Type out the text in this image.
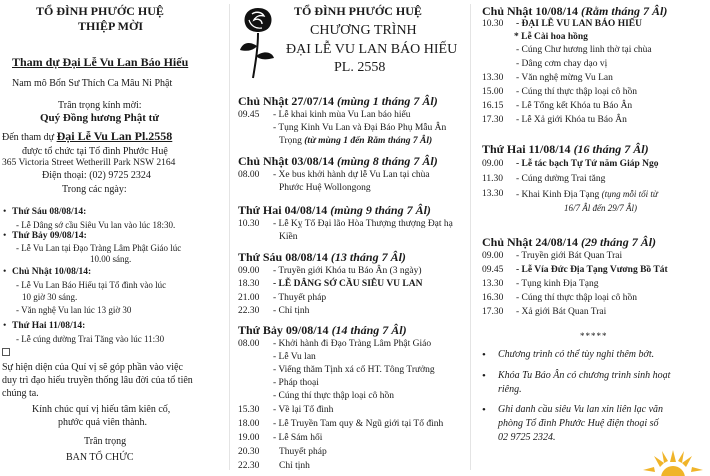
TỔ ĐÌNH PHƯỚC HUỆ
THIỆP MỜI
Tham dự Đại Lễ Vu Lan Báo Hiếu
Nam mô Bổn Sư Thích Ca Mâu Ni Phật
Trân trọng kính mời:
Quý Đồng hương Phật tử
Đến tham dự Đại Lễ Vu Lan Pl.2558
được tổ chức tại Tổ đình Phước Huệ
365 Victoria Street Wetherill Park NSW 2164
Điện thoại: (02) 9725 2324
Trong các ngày:
• Thứ Sáu 08/08/14:
- Lễ Dâng sớ cầu Siêu Vu lan vào lúc 18:30.
• Thứ Bảy 09/08/14:
- Lễ Vu Lan tại Đạo Tràng Lâm Phật Giáo lúc
10.00 sáng.
• Chủ Nhật 10/08/14:
- Lễ Vu Lan Báo Hiếu tại Tổ đình vào lúc
10 giờ 30 sáng.
- Văn nghệ Vu lan lúc 13 giờ 30
• Thứ Hai 11/08/14:
- Lễ cúng dường Trai Tăng vào lúc 11:30
Sự hiện diện của Quí vị sẽ góp phần vào việc
duy trì đạo hiếu truyền thống lâu đời của tổ tiên
chúng ta.
Kính chúc quí vị hiếu tâm kiên cố,
phước quả viên thành.
Trân trọng
BAN TỔ CHỨC
TỔ ĐÌNH PHƯỚC HUỆ
CHƯƠNG TRÌNH
ĐẠI LỄ VU LAN BÁO HIẾU
PL. 2558
Chủ Nhật 27/07/14 (mùng 1 tháng 7 Âl)
09.45 - Lễ khai kinh mùa Vu Lan báo hiếu
- Tụng Kinh Vu Lan và Đại Báo Phụ Mẫu Ân
Trọng (từ mùng 1 đến Rằm tháng 7 Âl)
Chủ Nhật 03/08/14 (mùng 8 tháng 7 Âl)
08.00 - Xe bus khởi hành dự lễ Vu Lan tại chùa
Phước Huệ Wollongong
Thứ Hai 04/08/14 (mùng 9 tháng 7 Âl)
10.30 - Lễ Kỵ Tổ Đại lão Hòa Thượng thượng Đạt hạ
Kiền
Thứ Sáu 08/08/14 (13 tháng 7 Âl)
09.00 - Truyền giới Khóa tu Báo Ân (3 ngày)
18.30 - LỄ DÂNG SỚ CẦU SIÊU VU LAN
21.00 - Thuyết pháp
22.30 - Chỉ tịnh
Thứ Bảy 09/08/14 (14 tháng 7 Âl)
08.00 - Khởi hành đi Đạo Tràng Lâm Phật Giáo
- Lễ Vu lan
- Viếng thăm Tịnh xá cố HT. Tông Trưởng
- Pháp thoại
- Cúng thí thực thập loại cô hồn
15.30 - Về lại Tổ đình
18.00 - Lễ Truyền Tam quy & Ngũ giới tại Tổ đình
19.00 - Lễ Sám hối
20.30 Thuyết pháp
22.30 Chỉ tịnh
Chủ Nhật 10/08/14 (Rằm tháng 7 Âl)
10.30 - ĐẠI LỄ VU LAN BÁO HIẾU
* Lễ Cài hoa hồng
- Cúng Chư hương linh thờ tại chùa
- Dâng cơm chay dạo vị
13.30 - Văn nghệ mừng Vu Lan
15.00 - Cúng thí thực thập loại cô hồn
16.15 - Lễ Tổng kết Khóa tu Báo Ân
17.30 - Lễ Xả giới Khóa tu Báo Ân
Thứ Hai 11/08/14 (16 tháng 7 Âl)
09.00 - Lễ tác bạch Tự Tứ năm Giáp Ngọ
11.30 - Cúng dường Trai tăng
13.30 - Khai Kinh Địa Tạng (tụng mỗi tối từ
16/7 Âl đến 29/7 Âl)
Chủ Nhật 24/08/14 (29 tháng 7 Âl)
09.00 - Truyền giới Bát Quan Trai
09.45 - Lễ Vía Đức Địa Tạng Vương Bồ Tát
13.30 - Tụng kinh Địa Tạng
16.30 - Cúng thí thực thập loại cô hồn
17.30 - Xả giới Bát Quan Trai
*****
• Chương trình có thể tùy nghi thêm bớt.
• Khóa Tu Báo Ân có chương trình sinh hoạt
riêng.
• Ghi danh cầu siêu Vu lan xin liên lạc văn
phòng Tổ đình Phước Huệ điện thoại số
02 9725 2324.
